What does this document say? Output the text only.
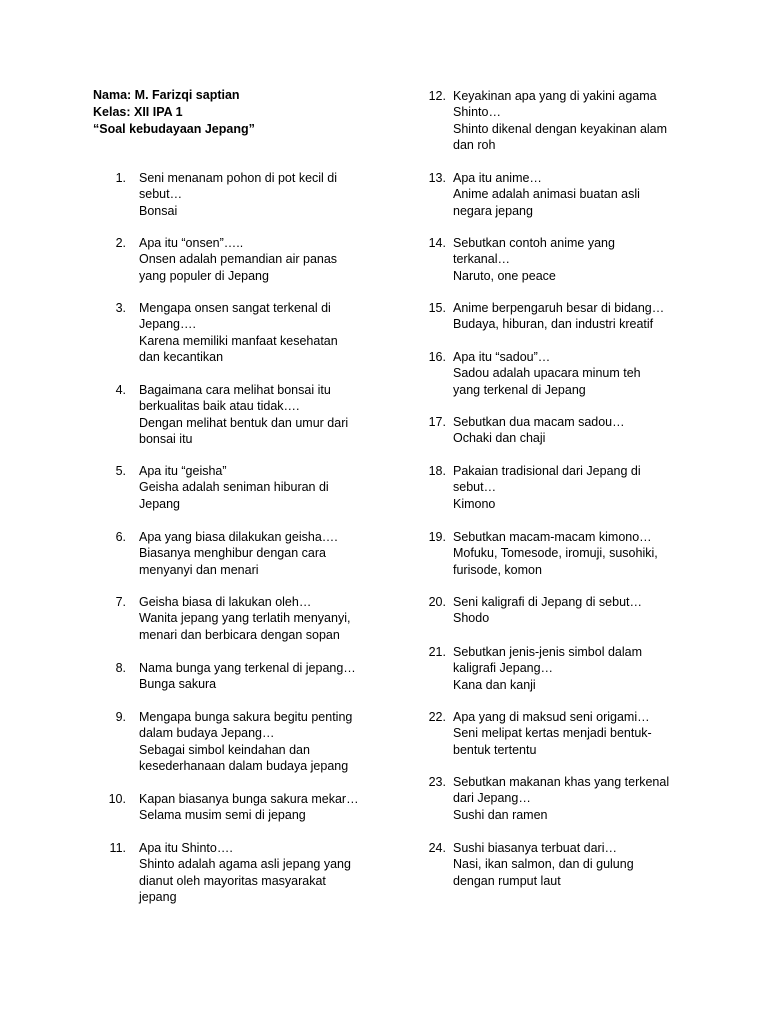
Nama: M. Farizqi saptian
Kelas: XII IPA 1
“Soal kebudayaan Jepang”
1. Seni menanam pohon di pot kecil di
sebut…
Bonsai
2. Apa itu “onsen”…..
Onsen adalah pemandian air panas
yang populer di Jepang
3. Mengapa onsen sangat terkenal di
Jepang….
Karena memiliki manfaat kesehatan
dan kecantikan
4. Bagaimana cara melihat bonsai itu
berkualitas baik atau tidak….
Dengan melihat bentuk dan umur dari
bonsai itu
5. Apa itu “geisha”
Geisha adalah seniman hiburan di
Jepang
6. Apa yang biasa dilakukan geisha….
Biasanya menghibur dengan cara
menyanyi dan menari
7. Geisha biasa di lakukan oleh…
Wanita jepang yang terlatih menyanyi,
menari dan berbicara dengan sopan
8. Nama bunga yang terkenal di jepang…
Bunga sakura
9. Mengapa bunga sakura begitu penting
dalam budaya Jepang…
Sebagai simbol keindahan dan
kesederhanaan dalam budaya jepang
10. Kapan biasanya bunga sakura mekar…
Selama musim semi di jepang
11. Apa itu Shinto….
Shinto adalah agama asli jepang yang
dianut oleh mayoritas masyarakat
jepang
12. Keyakinan apa yang di yakini agama
Shinto…
Shinto dikenal dengan keyakinan alam
dan roh
13. Apa itu anime…
Anime adalah animasi buatan asli
negara jepang
14. Sebutkan contoh anime yang
terkanal…
Naruto, one peace
15. Anime berpengaruh besar di bidang…
Budaya, hiburan, dan industri kreatif
16. Apa itu “sadou”…
Sadou adalah upacara minum teh
yang terkenal di Jepang
17. Sebutkan dua macam sadou…
Ochaki dan chaji
18. Pakaian tradisional dari Jepang di
sebut…
Kimono
19. Sebutkan macam-macam kimono…
Mofuku, Tomesode, iromuji, susohiki,
furisode, komon
20. Seni kaligrafi di Jepang di sebut…
Shodo
21. Sebutkan jenis-jenis simbol dalam
kaligrafi Jepang…
Kana dan kanji
22. Apa yang di maksud seni origami…
Seni melipat kertas menjadi bentuk-
bentuk tertentu
23. Sebutkan makanan khas yang terkenal
dari Jepang…
Sushi dan ramen
24. Sushi biasanya terbuat dari…
Nasi, ikan salmon, dan di gulung
dengan rumput laut
